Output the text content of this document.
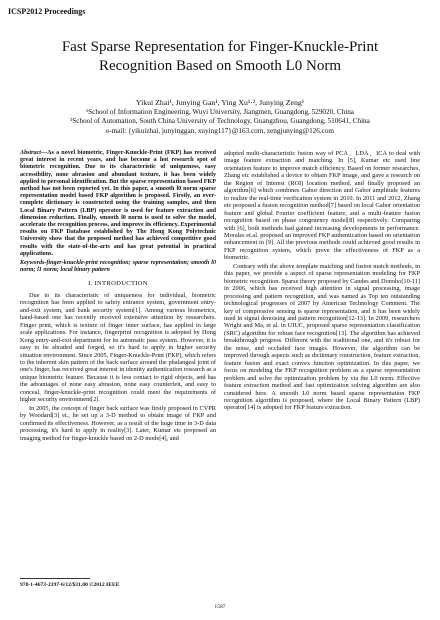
ICSP2012 Proceedings
Fast Sparse Representation for Finger-Knuckle-Print
Recognition Based on Smooth L0 Norm
Yikui Zhai¹, Junying Gan¹, Ying Xu¹·², Junying Zeng¹
¹School of Information Engineering, Wuyi University, Jiangmen, Guangdong, 529020, China
²School of Automation, South China University of Technology, Guangzhou, Guangdong, 510641, China
e-mail: {yikuizhai, junyinggan, xuying117}@163.com, zengjunying@126.com
Abstract—As a novel biometric, Finger-Knuckle-Print (FKP) has received great interest in recent years, and has become a hot research spot of biometric recognition. Due to its characteristic of uniqueness, easy accessibility, none abrasion and abundant texture, it has been widely applied to personal identification. But the sparse representation based FKP method has not been reported yet. In this paper, a smooth l0 norm sparse representation model based FKP algorithm is proposed. Firstly, an over-complete dictionary is constructed using the training samples, and then Local Binary Pattern (LBP) operator is used for feature extraction and dimension reduction. Finally, smooth l0 norm is used to solve the model, accelerate the recognition process, and improve its efficiency. Experimental results on FKP Database established by The Hong Kong Polytechnic University show that the proposed method has achieved competitive good results with the state-of-the-arts and has great potential in practical applications.
Keywords-finger-knuckle-print recognition; sparse representation; smooth l0 norm; l1 norm; local binary pattern
I. INTRODUCTION

Due to its characteristic of uniqueness for individual, biometric recognition has been applied to safety entrance system, government entry-and-exit system, and bank security system[1]. Among various biometrics, hand-based one has recently received extensive attention by researchers. Finger print, which is texture of finger inner surface, has applied in large scale applications. For instance, fingerprint recognition is adopted by Hong Kong entry-and-exit department for its automatic pass system. However, it is easy to be abraded and forged, so it's hard to apply in higher security situation environment. Since 2005, Finger-Knuckle-Print (FKP), which refers to the inherent skin pattern of the back surface around the phalangeal joint of one's finger, has received great interest in identity authentication research as a unique biometric feature. Because it is less contact to rigid objects, and has the advantages of none easy abrasion, none easy counterfeit, and easy to conceal, finger-knuckle-print recognition could meet the requirements of higher security environment[2].

In 2005, the concept of finger back surface was firstly proposed in CVPR by Woodard[3] et., he set up a 3-D method to obtain image of FKP and confirmed its effectiveness. However, as a result of the huge time in 3-D data processing, it's hard to apply in reality[3]. Later, Kumar etc proposed an imaging method for finger-knuckle based on 2-D mode[4], and

adopted multi-characteristic fusion way of PCA、LDA、ICA to deal with image feature extraction and matching. In [5], Kumar etc used line orientation feature to improve match efficiency. Based on former researches, Zhang etc established a device to obtain FKP image, and gave a research on the Region of Interest (ROI) location method, and finally proposed an algorithm[6] which combines Gabor direction and Gabor amplitude features to realize the real-time verification system in 2010. In 2011 and 2012, Zhang etc proposed a fusion recognition method[7] based on local Gabor orientation feature and global Fourier coefficient feature, and a multi-feature fusion recognition based on phase congruency model[8] respectively. Comparing with [6], both methods had gained increasing developments in performance. Morales et.al. proposed an improved FKP authentication based on orientation enhancement in [9]. All the previous methods could achieved good results in FKP recognition system, which prove the effectiveness of FKP as a biometric.

Contrary with the above template matching and fusion match methods, in this paper, we provide a aspect of sparse representation modeling for FKP biometric recognition. Sparse theory proposed by Candes and Donoho[10-11] in 2006, which has received high attention in signal processing, image processing and pattern recognition, and was named as Top ten outstanding technological progresses of 2007 by American Technology Comment. The key of compressive sensing is sparse representation, and it has been widely used in signal denoising and pattern recognition[12-13]. In 2009, researchers Wright and Ma, et al. in UIUC, proposed sparse representation classification (SRC) algorithm for robust face recognition[13]. The algorithm has achieved breakthrough progress. Different with the traditional one, and it's robust for the noise, and occluded face images. However, the algorithm can be improved through aspects such as dictionary construction, feature extraction, feature fusion and exact convex function optimization. In this paper, we focus on modeling the FKP recognition problem as a sparse representation problem and solve the optimization problem by via the L0 norm. Effective feature extraction method and fast optimization solving algorithm are also considered here. A smooth L0 norm based sparse representation FKP recognition algorithm is proposed, where the Local Binary Pattern (LBP) operator[14] is adopted for FKP feature extraction.

978-1-4673-2197-6/12/$31.00 ©2012 IEEE
1587
